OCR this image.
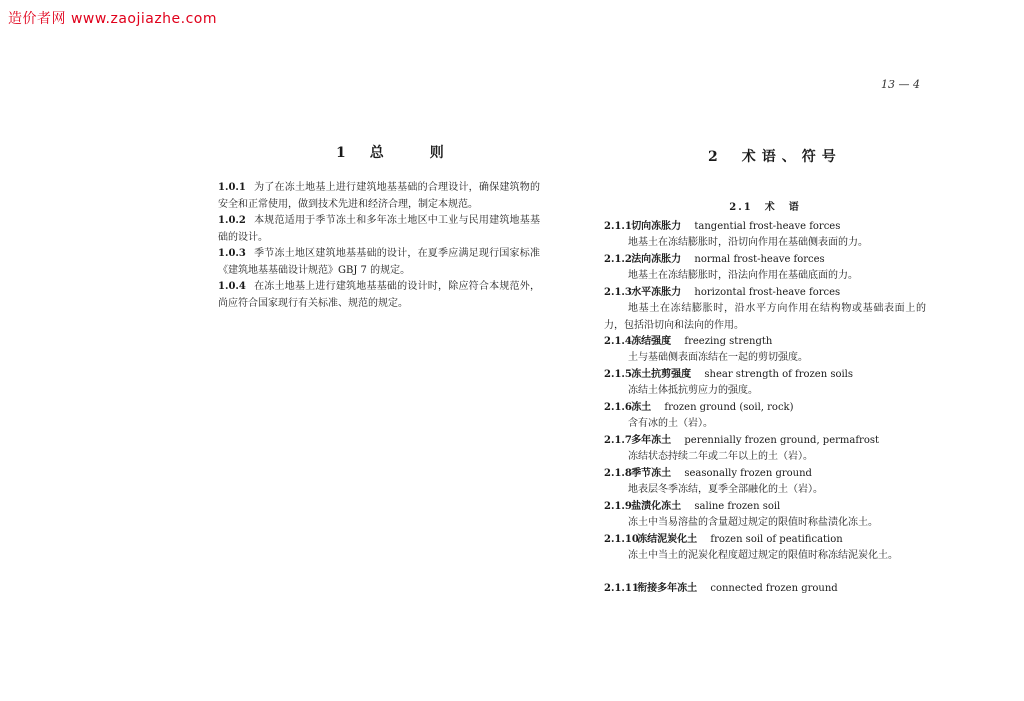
造价者网 www.zaojiazhe.com
13 — 4
1 总　　则
1.0.1 为了在冻土地基上进行建筑地基基础的合理设计，确保建筑物的安全和正常使用，做到技术先进和经济合理，制定本规范。
1.0.2 本规范适用于季节冻土和多年冻土地区中工业与民用建筑地基基础的设计。
1.0.3 季节冻土地区建筑地基基础的设计，在夏季应满足现行国家标准《建筑地基基础设计规范》GBJ 7 的规定。
1.0.4 在冻土地基上进行建筑地基基础的设计时，除应符合本规范外，尚应符合国家现行有关标准、规范的规定。
2 术语、符号
2.1　术　语
2.1.1 切向冻胀力 tangential frost-heave forces
地基土在冻结膨胀时，沿切向作用在基础侧表面的力。
2.1.2 法向冻胀力 normal frost-heave forces
地基土在冻结膨胀时，沿法向作用在基础底面的力。
2.1.3 水平冻胀力 horizontal frost-heave forces
地基土在冻结膨胀时，沿水平方向作用在结构物或基础表面上的力，包括沿切向和法向的作用。
2.1.4 冻结强度 freezing strength
土与基础侧表面冻结在一起的剪切强度。
2.1.5 冻土抗剪强度 shear strength of frozen soils
冻结土体抵抗剪应力的强度。
2.1.6 冻土 frozen ground (soil, rock)
含有冰的土（岩）。
2.1.7 多年冻土 perennially frozen ground, permafrost
冻结状态持续二年或二年以上的土（岩）。
2.1.8 季节冻土 seasonally frozen ground
地表层冬季冻结，夏季全部融化的土（岩）。
2.1.9 盐渍化冻土 saline frozen soil
冻土中当易溶盐的含量超过规定的限值时称盐渍化冻土。
2.1.10 冻结泥炭化土 frozen soil of peatification
冻土中当土的泥炭化程度超过规定的限值时称冻结泥炭化土。
2.1.11 衔接多年冻土 connected frozen ground
